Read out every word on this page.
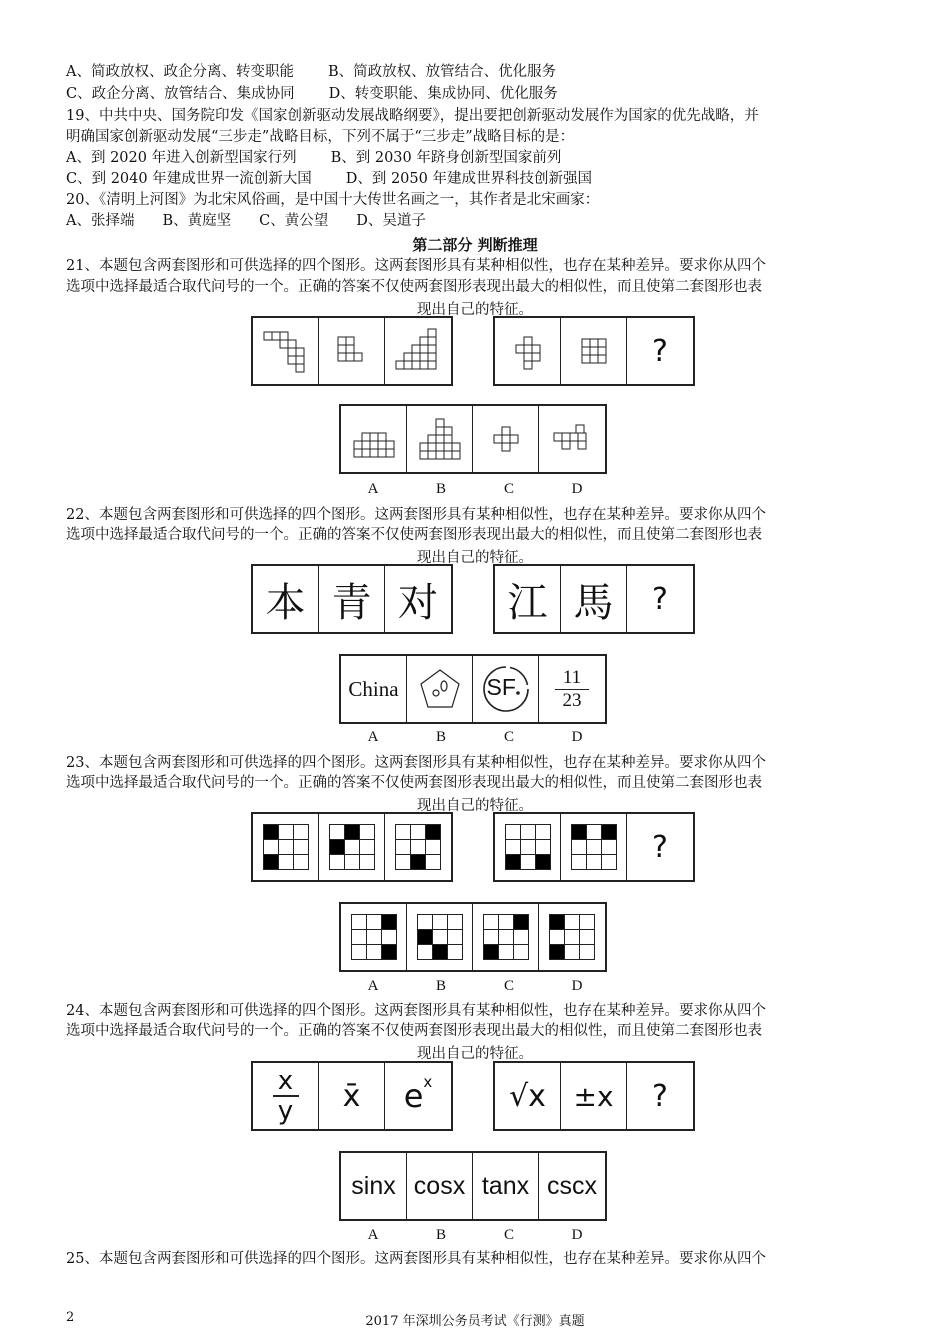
A、简政放权、政企分离、转变职能 B、简政放权、放管结合、优化服务
C、政企分离、放管结合、集成协同 D、转变职能、集成协同、优化服务
19、中共中央、国务院印发《国家创新驱动发展战略纲要》，提出要把创新驱动发展作为国家的优先战略，并
明确国家创新驱动发展“三步走”战略目标，下列不属于“三步走”战略目标的是：
A、到 2020 年进入创新型国家行列 B、到 2030 年跻身创新型国家前列
C、到 2040 年建成世界一流创新大国 D、到 2050 年建成世界科技创新强国
20、《清明上河图》为北宋风俗画，是中国十大传世名画之一，其作者是北宋画家：
A、张择端 B、黄庭坚 C、黄公望 D、吴道子
第二部分 判断推理
21、本题包含两套图形和可供选择的四个图形。这两套图形具有某种相似性，也存在某种差异。要求你从四个
选项中选择最适合取代问号的一个。正确的答案不仅使两套图形表现出最大的相似性，而且使第二套图形也表
现出自己的特征。
?
A	B	C	D
22、本题包含两套图形和可供选择的四个图形。这两套图形具有某种相似性，也存在某种差异。要求你从四个
选项中选择最适合取代问号的一个。正确的答案不仅使两套图形表现出最大的相似性，而且使第二套图形也表
现出自己的特征。
本 青 对 江 馬 ?
China	SF	11
23
A	B	C	D
23、本题包含两套图形和可供选择的四个图形。这两套图形具有某种相似性，也存在某种差异。要求你从四个
选项中选择最适合取代问号的一个。正确的答案不仅使两套图形表现出最大的相似性，而且使第二套图形也表
现出自己的特征。
?
A	B	C	D
24、本题包含两套图形和可供选择的四个图形。这两套图形具有某种相似性，也存在某种差异。要求你从四个
选项中选择最适合取代问号的一个。正确的答案不仅使两套图形表现出最大的相似性，而且使第二套图形也表
现出自己的特征。
x
y x̄ e x	√x ±x ?
sinx cosx tanx cscx
A	B	C	D
25、本题包含两套图形和可供选择的四个图形。这两套图形具有某种相似性，也存在某种差异。要求你从四个
2	2017 年深圳公务员考试《行测》真题
